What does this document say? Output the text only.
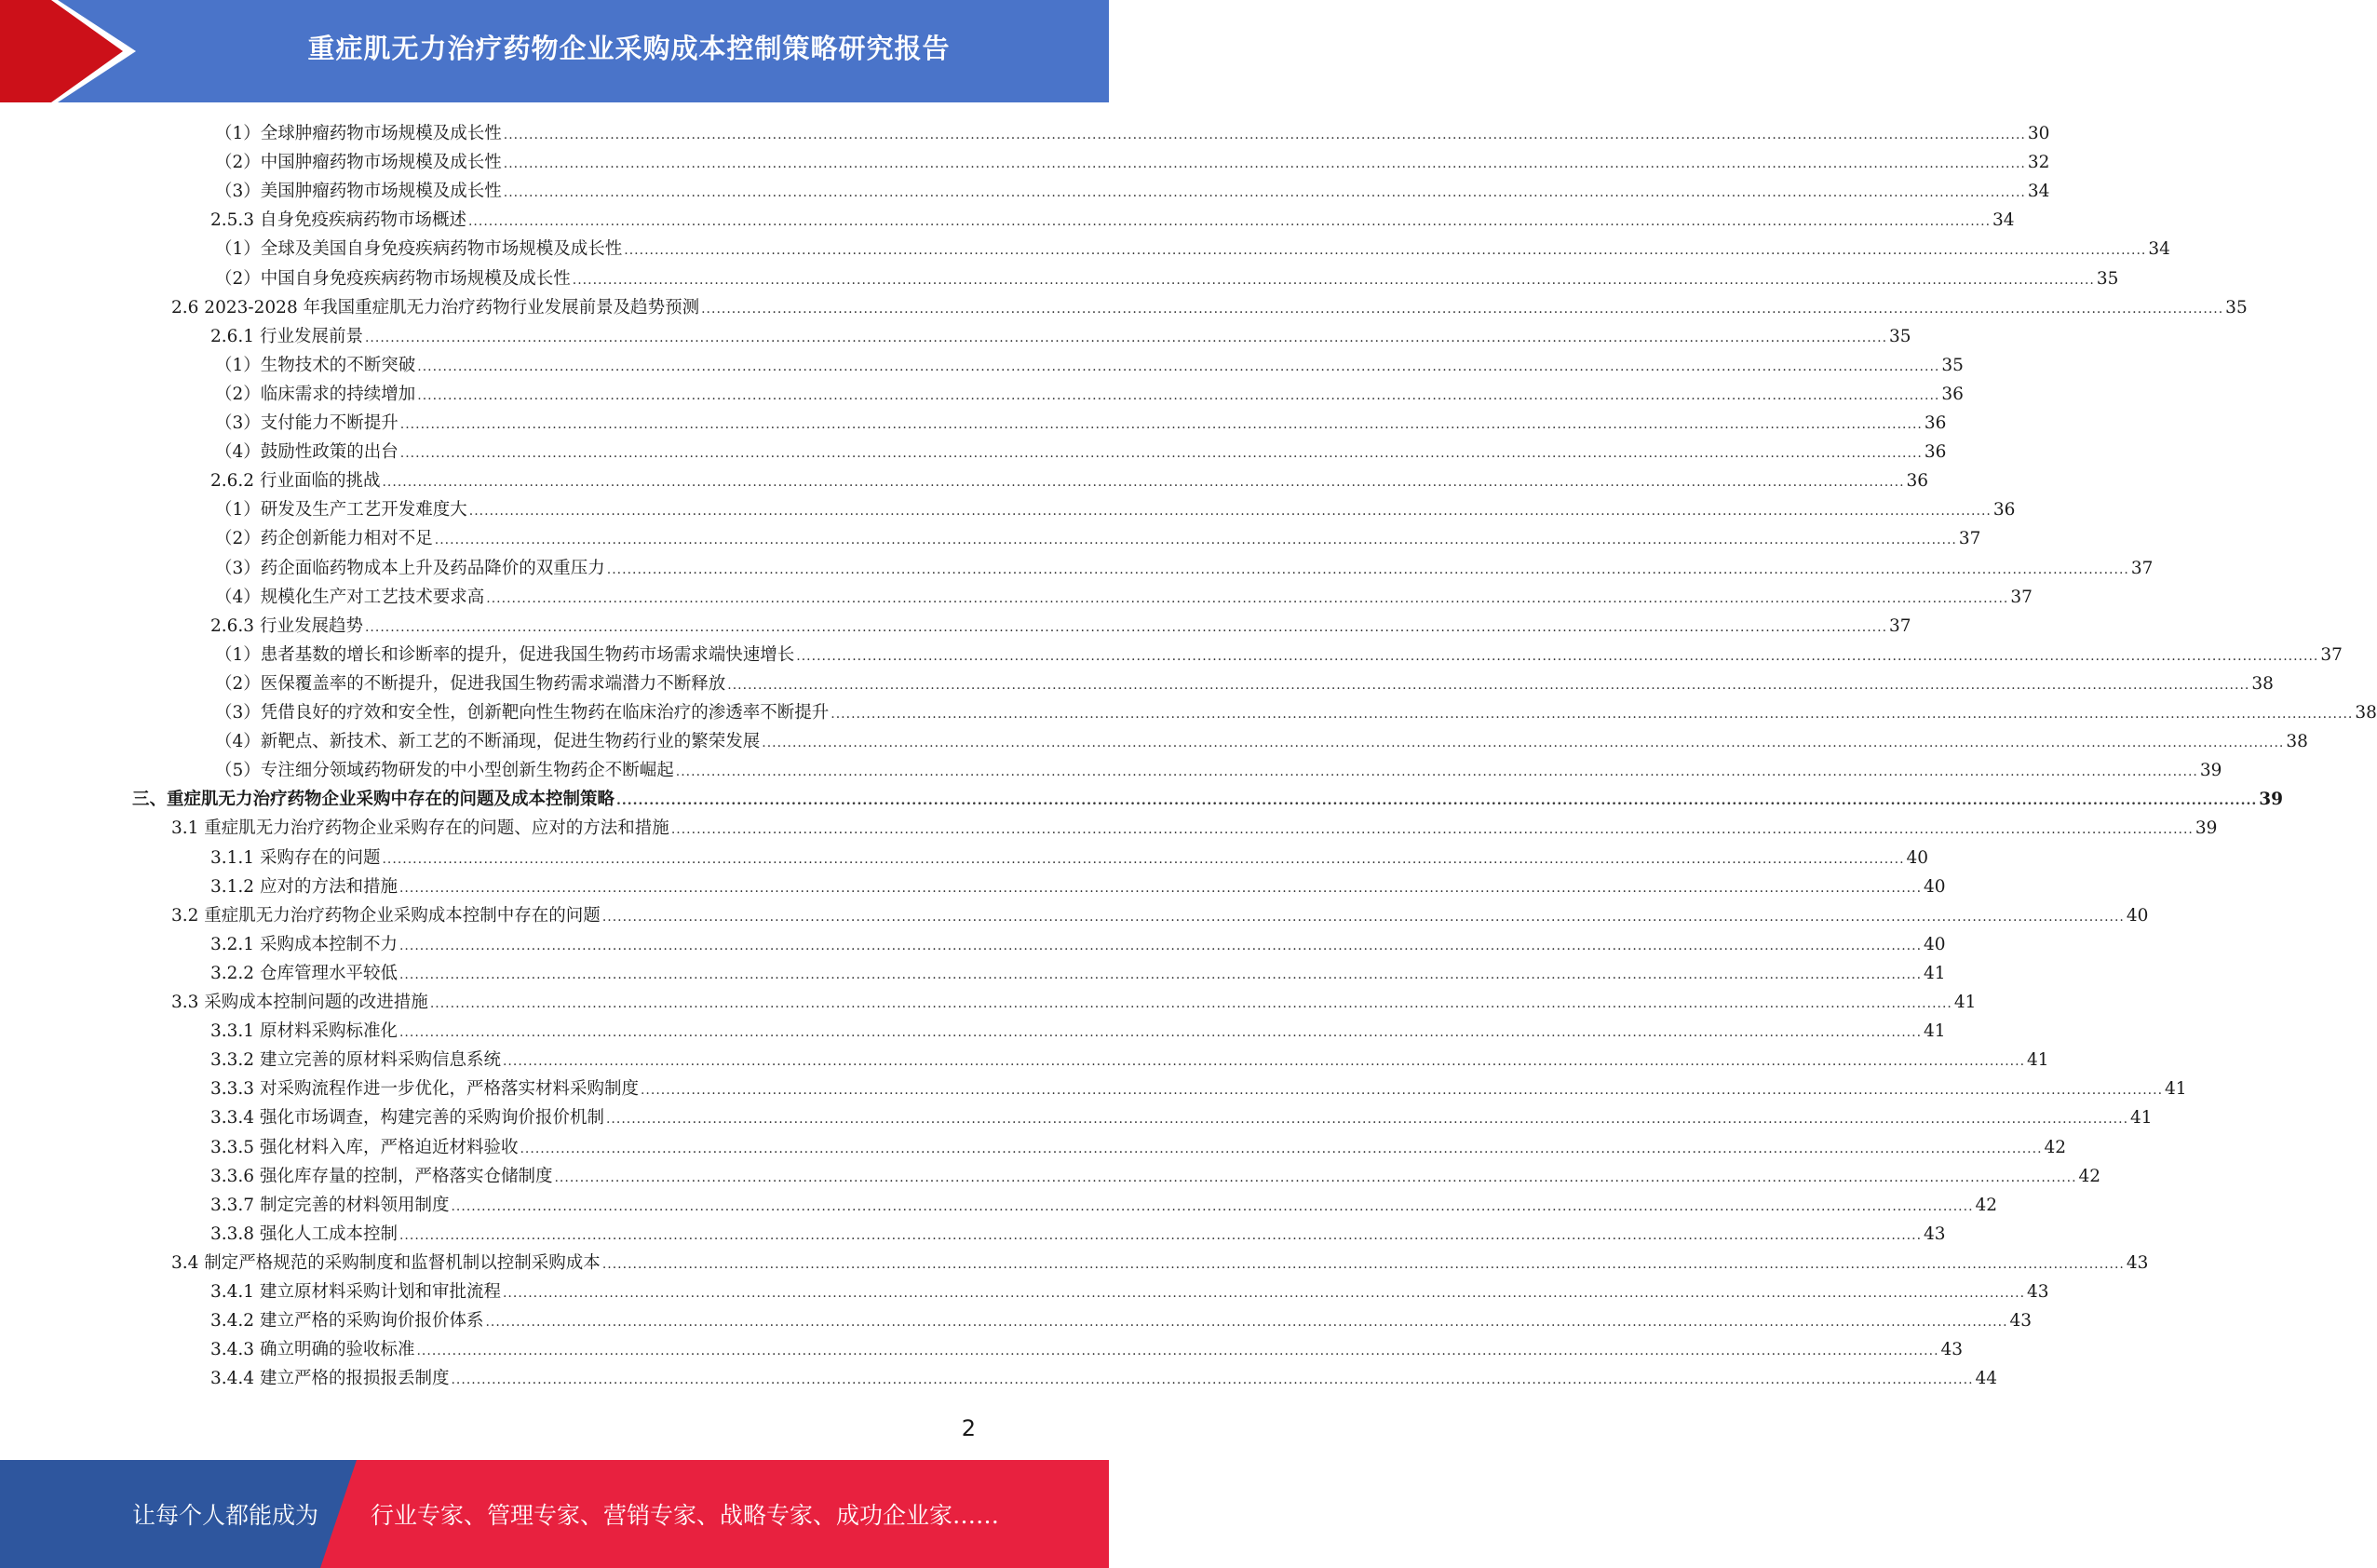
重症肌无力治疗药物企业采购成本控制策略研究报告
（1）全球肿瘤药物市场规模及成长性 ............................................................................................................................................................................................................................................................................................................ 30
（2）中国肿瘤药物市场规模及成长性 ............................................................................................................................................................................................................................................................................................................ 32
（3）美国肿瘤药物市场规模及成长性 ............................................................................................................................................................................................................................................................................................................ 34
2.5.3 自身免疫疾病药物市场概述 ............................................................................................................................................................................................................................................................................................................ 34
（1）全球及美国自身免疫疾病药物市场规模及成长性 ............................................................................................................................................................................................................................................................................................................ 34
（2）中国自身免疫疾病药物市场规模及成长性 ............................................................................................................................................................................................................................................................................................................ 35
2.6 2023-2028 年我国重症肌无力治疗药物行业发展前景及趋势预测 ............................................................................................................................................................................................................................................................................................................ 35
2.6.1 行业发展前景 ............................................................................................................................................................................................................................................................................................................ 35
（1）生物技术的不断突破 ............................................................................................................................................................................................................................................................................................................ 35
（2）临床需求的持续增加 ............................................................................................................................................................................................................................................................................................................ 36
（3）支付能力不断提升 ............................................................................................................................................................................................................................................................................................................ 36
（4）鼓励性政策的出台 ............................................................................................................................................................................................................................................................................................................ 36
2.6.2 行业面临的挑战 ............................................................................................................................................................................................................................................................................................................ 36
（1）研发及生产工艺开发难度大 ............................................................................................................................................................................................................................................................................................................ 36
（2）药企创新能力相对不足 ............................................................................................................................................................................................................................................................................................................ 37
（3）药企面临药物成本上升及药品降价的双重压力 ............................................................................................................................................................................................................................................................................................................ 37
（4）规模化生产对工艺技术要求高 ............................................................................................................................................................................................................................................................................................................ 37
2.6.3 行业发展趋势 ............................................................................................................................................................................................................................................................................................................ 37
（1）患者基数的增长和诊断率的提升，促进我国生物药市场需求端快速增长 ............................................................................................................................................................................................................................................................................................................ 37
（2）医保覆盖率的不断提升，促进我国生物药需求端潜力不断释放 ............................................................................................................................................................................................................................................................................................................ 38
（3）凭借良好的疗效和安全性，创新靶向性生物药在临床治疗的渗透率不断提升 ............................................................................................................................................................................................................................................................................................................ 38
（4）新靶点、新技术、新工艺的不断涌现，促进生物药行业的繁荣发展 ............................................................................................................................................................................................................................................................................................................ 38
（5）专注细分领域药物研发的中小型创新生物药企不断崛起 ............................................................................................................................................................................................................................................................................................................ 39
三、重症肌无力治疗药物企业采购中存在的问题及成本控制策略 ............................................................................................................................................................................................................................................................................................................ 39
3.1 重症肌无力治疗药物企业采购存在的问题、应对的方法和措施 ............................................................................................................................................................................................................................................................................................................ 39
3.1.1 采购存在的问题 ............................................................................................................................................................................................................................................................................................................ 40
3.1.2 应对的方法和措施 ............................................................................................................................................................................................................................................................................................................ 40
3.2 重症肌无力治疗药物企业采购成本控制中存在的问题 ............................................................................................................................................................................................................................................................................................................ 40
3.2.1 采购成本控制不力 ............................................................................................................................................................................................................................................................................................................ 40
3.2.2 仓库管理水平较低 ............................................................................................................................................................................................................................................................................................................ 41
3.3 采购成本控制问题的改进措施 ............................................................................................................................................................................................................................................................................................................ 41
3.3.1 原材料采购标准化 ............................................................................................................................................................................................................................................................................................................ 41
3.3.2 建立完善的原材料采购信息系统 ............................................................................................................................................................................................................................................................................................................ 41
3.3.3 对采购流程作进一步优化，严格落实材料采购制度 ............................................................................................................................................................................................................................................................................................................ 41
3.3.4 强化市场调查，构建完善的采购询价报价机制 ............................................................................................................................................................................................................................................................................................................ 41
3.3.5 强化材料入库，严格迫近材料验收 ............................................................................................................................................................................................................................................................................................................ 42
3.3.6 强化库存量的控制，严格落实仓储制度 ............................................................................................................................................................................................................................................................................................................ 42
3.3.7 制定完善的材料领用制度 ............................................................................................................................................................................................................................................................................................................ 42
3.3.8 强化人工成本控制 ............................................................................................................................................................................................................................................................................................................ 43
3.4 制定严格规范的采购制度和监督机制以控制采购成本 ............................................................................................................................................................................................................................................................................................................ 43
3.4.1 建立原材料采购计划和审批流程 ............................................................................................................................................................................................................................................................................................................ 43
3.4.2 建立严格的采购询价报价体系 ............................................................................................................................................................................................................................................................................................................ 43
3.4.3 确立明确的验收标准 ............................................................................................................................................................................................................................................................................................................ 43
3.4.4 建立严格的报损报丢制度 ............................................................................................................................................................................................................................................................................................................ 44
2
让每个人都能成为 行业专家、管理专家、营销专家、战略专家、成功企业家……
